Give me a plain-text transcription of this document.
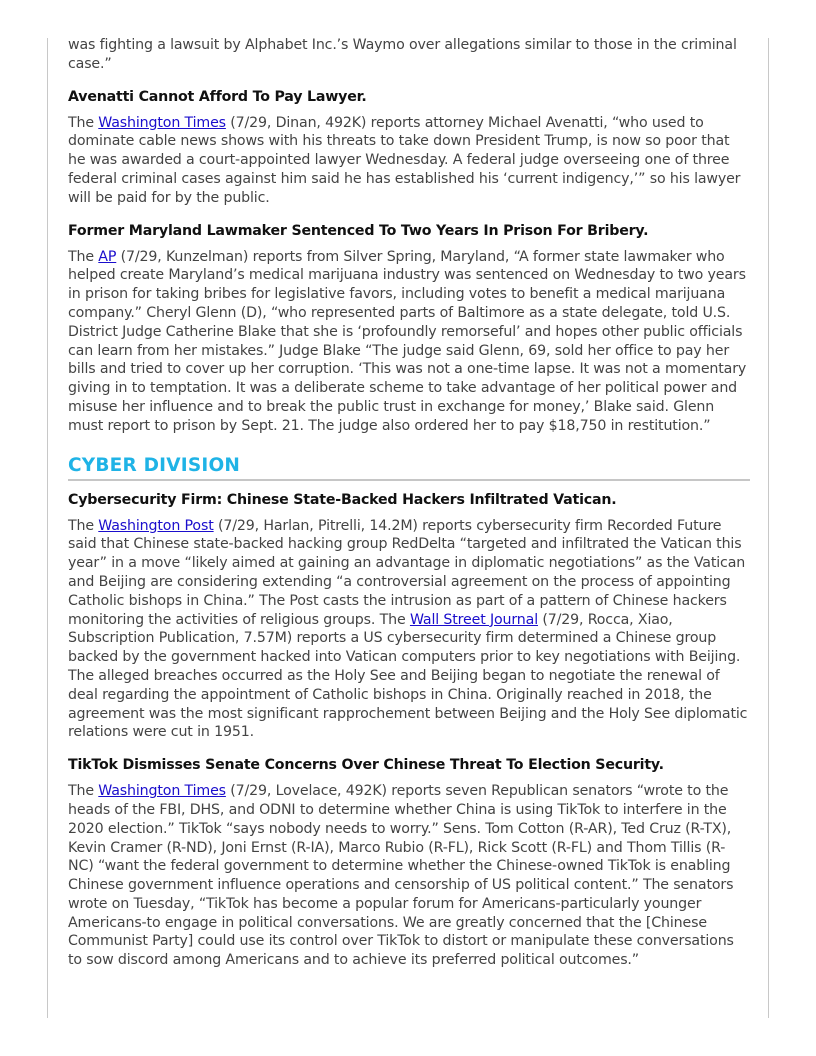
was fighting a lawsuit by Alphabet Inc.’s Waymo over allegations similar to those in the criminal case.”

Avenatti Cannot Afford To Pay Lawyer.

The Washington Times (7/29, Dinan, 492K) reports attorney Michael Avenatti, “who used to dominate cable news shows with his threats to take down President Trump, is now so poor that he was awarded a court-appointed lawyer Wednesday. A federal judge overseeing one of three federal criminal cases against him said he has established his ‘current indigency,’” so his lawyer will be paid for by the public.

Former Maryland Lawmaker Sentenced To Two Years In Prison For Bribery.

The AP (7/29, Kunzelman) reports from Silver Spring, Maryland, “A former state lawmaker who helped create Maryland’s medical marijuana industry was sentenced on Wednesday to two years in prison for taking bribes for legislative favors, including votes to benefit a medical marijuana company.” Cheryl Glenn (D), “who represented parts of Baltimore as a state delegate, told U.S. District Judge Catherine Blake that she is ‘profoundly remorseful’ and hopes other public officials can learn from her mistakes.” Judge Blake “The judge said Glenn, 69, sold her office to pay her bills and tried to cover up her corruption. ‘This was not a one-time lapse. It was not a momentary giving in to temptation. It was a deliberate scheme to take advantage of her political power and misuse her influence and to break the public trust in exchange for money,’ Blake said. Glenn must report to prison by Sept. 21. The judge also ordered her to pay $18,750 in restitution.”

CYBER DIVISION
Cybersecurity Firm: Chinese State-Backed Hackers Infiltrated Vatican.

The Washington Post (7/29, Harlan, Pitrelli, 14.2M) reports cybersecurity firm Recorded Future said that Chinese state-backed hacking group RedDelta “targeted and infiltrated the Vatican this year” in a move “likely aimed at gaining an advantage in diplomatic negotiations” as the Vatican and Beijing are considering extending “a controversial agreement on the process of appointing Catholic bishops in China.” The Post casts the intrusion as part of a pattern of Chinese hackers monitoring the activities of religious groups. The Wall Street Journal (7/29, Rocca, Xiao, Subscription Publication, 7.57M) reports a US cybersecurity firm determined a Chinese group backed by the government hacked into Vatican computers prior to key negotiations with Beijing. The alleged breaches occurred as the Holy See and Beijing began to negotiate the renewal of deal regarding the appointment of Catholic bishops in China. Originally reached in 2018, the agreement was the most significant rapprochement between Beijing and the Holy See diplomatic relations were cut in 1951.

TikTok Dismisses Senate Concerns Over Chinese Threat To Election Security.

The Washington Times (7/29, Lovelace, 492K) reports seven Republican senators “wrote to the heads of the FBI, DHS, and ODNI to determine whether China is using TikTok to interfere in the 2020 election.” TikTok “says nobody needs to worry.” Sens. Tom Cotton (R-AR), Ted Cruz (R-TX), Kevin Cramer (R-ND), Joni Ernst (R-IA), Marco Rubio (R-FL), Rick Scott (R-FL) and Thom Tillis (R-NC) “want the federal government to determine whether the Chinese-owned TikTok is enabling Chinese government influence operations and censorship of US political content.” The senators wrote on Tuesday, “TikTok has become a popular forum for Americans-particularly younger Americans-to engage in political conversations. We are greatly concerned that the [Chinese Communist Party] could use its control over TikTok to distort or manipulate these conversations to sow discord among Americans and to achieve its preferred political outcomes.”
